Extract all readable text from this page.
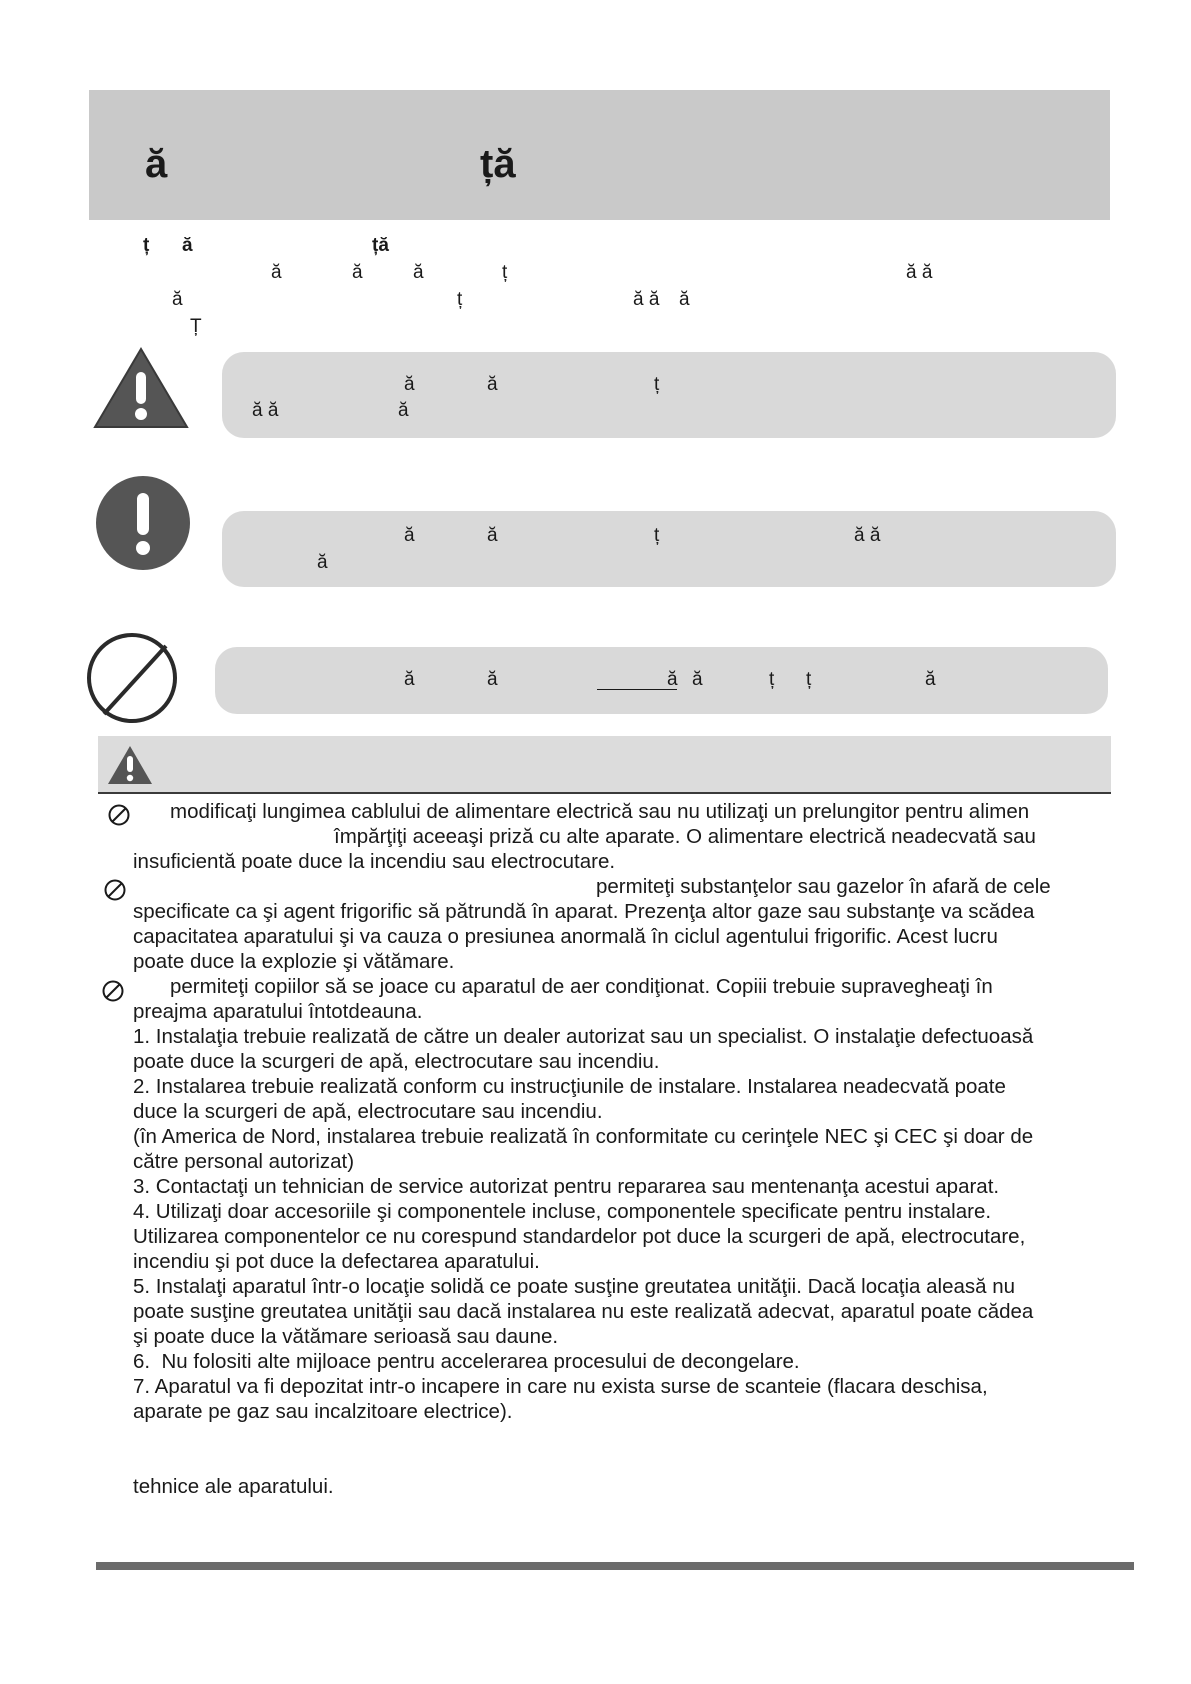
ă	ță
ț ă	ță
ă	ă	ă	ț	ă ă
ă	ț	ă ă ă
Ț
ă	ă	ț
ă ă	ă
ă	ă	ț	ă ă
ă
ă	ă	ă ă	ț ț	ă
modificaţi lungimea cablului de alimentare electrică sau nu utilizaţi un prelungitor pentru alimen
împărţiţi aceeaşi priză cu alte aparate. O alimentare electrică neadecvată sau
insuficientă poate duce la incendiu sau electrocutare.
permiteţi substanţelor sau gazelor în afară de cele
specificate ca şi agent frigorific să pătrundă în aparat. Prezenţa altor gaze sau substanţe va scădea
capacitatea aparatului şi va cauza o presiunea anormală în ciclul agentului frigorific. Acest lucru
poate duce la explozie şi vătămare.
permiteţi copiilor să se joace cu aparatul de aer condiţionat. Copiii trebuie supravegheaţi în
preajma aparatului întotdeauna.
1. Instalaţia trebuie realizată de către un dealer autorizat sau un specialist. O instalaţie defectuoasă
poate duce la scurgeri de apă, electrocutare sau incendiu.
2. Instalarea trebuie realizată conform cu instrucţiunile de instalare. Instalarea neadecvată poate
duce la scurgeri de apă, electrocutare sau incendiu.
(în America de Nord, instalarea trebuie realizată în conformitate cu cerinţele NEC şi CEC şi doar de
către personal autorizat)
3. Contactaţi un tehnician de service autorizat pentru repararea sau mentenanţa acestui aparat.
4. Utilizaţi doar accesoriile şi componentele incluse, componentele specificate pentru instalare.
Utilizarea componentelor ce nu corespund standardelor pot duce la scurgeri de apă, electrocutare,
incendiu şi pot duce la defectarea aparatului.
5. Instalaţi aparatul într-o locaţie solidă ce poate susţine greutatea unităţii. Dacă locaţia aleasă nu
poate susţine greutatea unităţii sau dacă instalarea nu este realizată adecvat, aparatul poate cădea
şi poate duce la vătămare serioasă sau daune.
6.  Nu folositi alte mijloace pentru accelerarea procesului de decongelare.
7. Aparatul va fi depozitat intr-o incapere in care nu exista surse de scanteie (flacara deschisa,
aparate pe gaz sau incalzitoare electrice).
tehnice ale aparatului.
